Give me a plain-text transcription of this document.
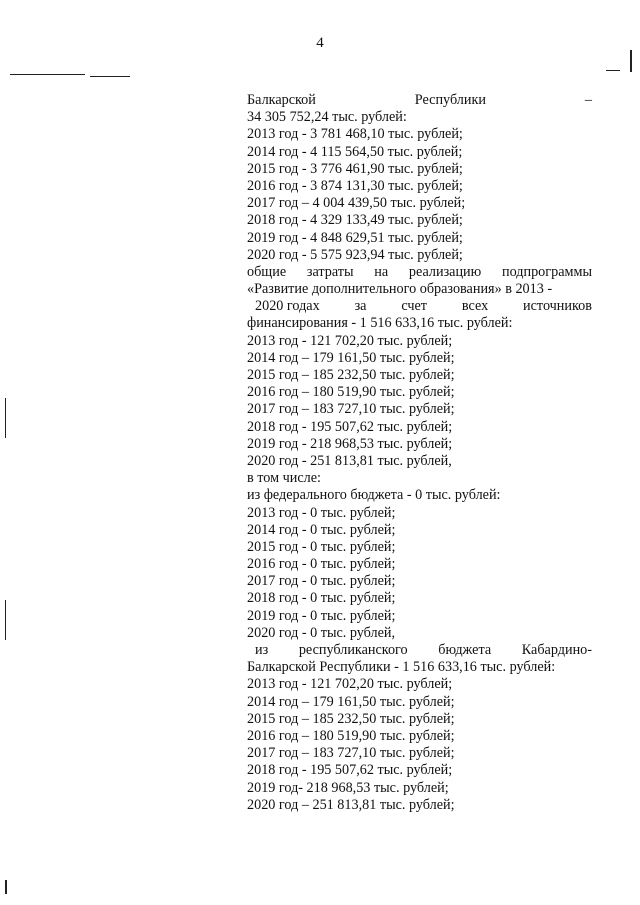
4
Балкарской	Республики	–
34 305 752,24 тыс. рублей:
2013 год - 3 781 468,10 тыс. рублей;
2014 год - 4 115 564,50 тыс. рублей;
2015 год - 3 776 461,90 тыс. рублей;
2016 год - 3 874 131,30 тыс. рублей;
2017 год – 4 004 439,50 тыс. рублей;
2018 год - 4 329 133,49 тыс. рублей;
2019 год - 4 848 629,51 тыс. рублей;
2020 год - 5 575 923,94 тыс. рублей;
общие затраты на реализацию подпрограммы
«Развитие дополнительного образования» в 2013 -
2020 годах за счет всех источников
финансирования - 1 516 633,16 тыс. рублей:
2013 год - 121 702,20 тыс. рублей;
2014 год – 179 161,50 тыс. рублей;
2015 год – 185 232,50 тыс. рублей;
2016 год – 180 519,90 тыс. рублей;
2017 год – 183 727,10 тыс. рублей;
2018 год - 195 507,62 тыс. рублей;
2019 год - 218 968,53 тыс. рублей;
2020 год - 251 813,81 тыс. рублей,
в том числе:
из федерального бюджета - 0 тыс. рублей:
2013 год - 0 тыс. рублей;
2014 год - 0 тыс. рублей;
2015 год - 0 тыс. рублей;
2016 год - 0 тыс. рублей;
2017 год - 0 тыс. рублей;
2018 год - 0 тыс. рублей;
2019 год - 0 тыс. рублей;
2020 год - 0 тыс. рублей,
из республиканского бюджета Кабардино-
Балкарской Республики - 1 516 633,16 тыс. рублей:
2013 год - 121 702,20 тыс. рублей;
2014 год – 179 161,50 тыс. рублей;
2015 год – 185 232,50 тыс. рублей;
2016 год – 180 519,90 тыс. рублей;
2017 год – 183 727,10 тыс. рублей;
2018 год - 195 507,62 тыс. рублей;
2019 год- 218 968,53 тыс. рублей;
2020 год – 251 813,81 тыс. рублей;
